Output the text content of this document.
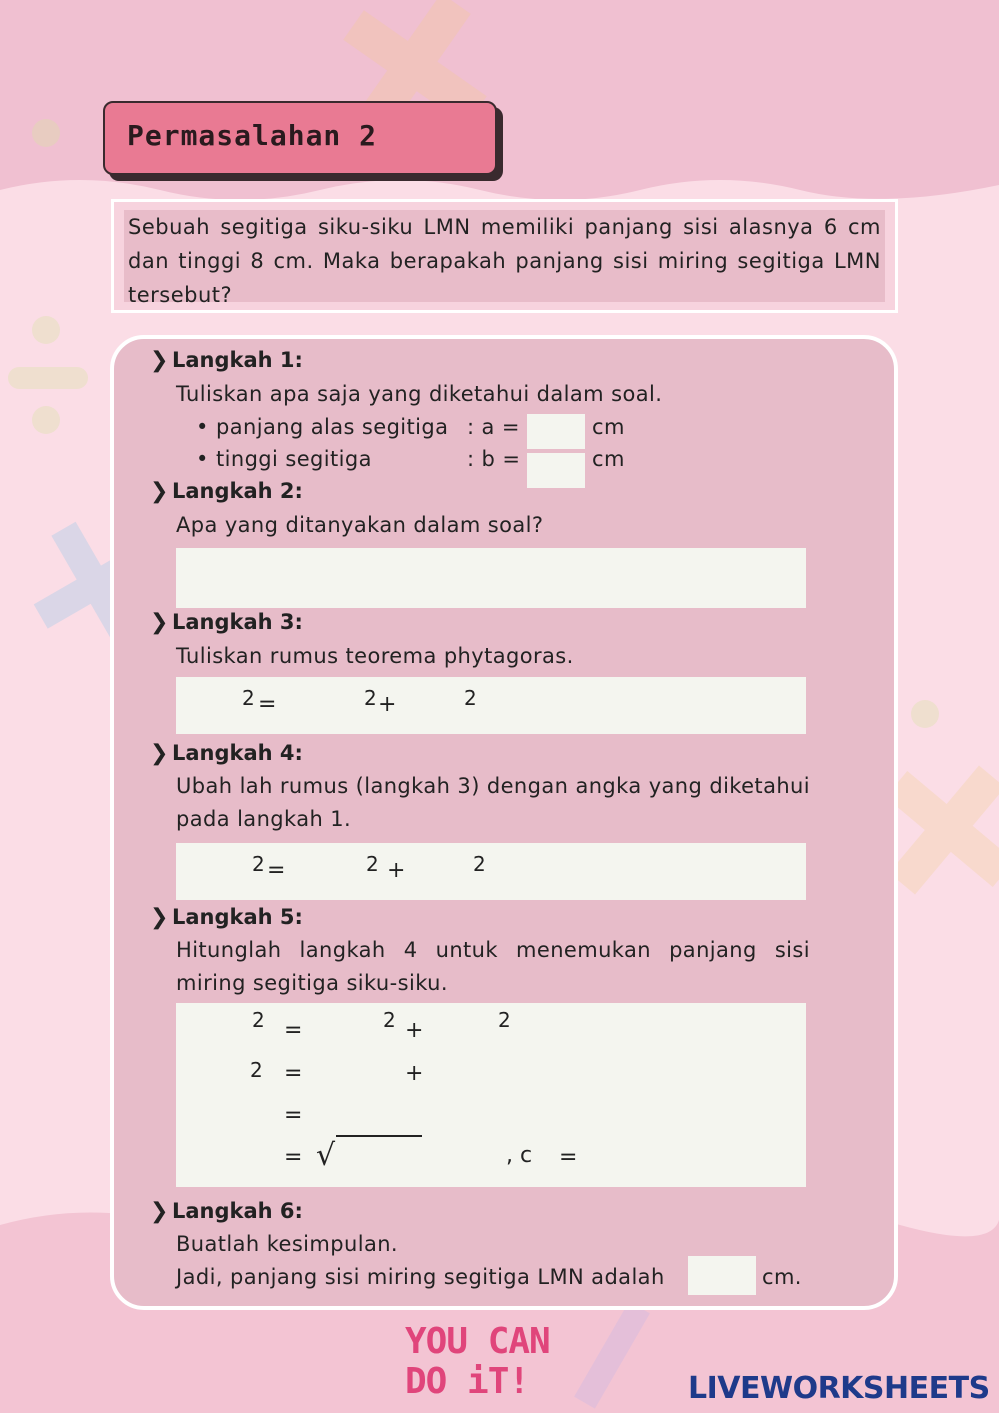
Permasalahan 2
Sebuah segitiga siku-siku LMN memiliki panjang sisi alasnya 6 cm dan tinggi 8 cm. Maka berapakah panjang sisi miring segitiga LMN tersebut?
❯ Langkah 1:
Tuliskan apa saja yang diketahui dalam soal.
• panjang alas segitiga : a =	cm
• tinggi segitiga	: b =	cm
❯ Langkah 2:
Apa yang ditanyakan dalam soal?
❯ Langkah 3:
Tuliskan rumus teorema phytagoras.
2 =	2 +	2
❯ Langkah 4:
Ubah lah rumus (langkah 3) dengan angka yang diketahui pada langkah 1.
2 =	2 +	2
❯ Langkah 5:
Hitunglah langkah 4 untuk menemukan panjang sisi miring segitiga siku-siku.
2 =	2 +	2
2 =	+
=
= √	, c =
❯ Langkah 6:
Buatlah kesimpulan.
Jadi, panjang sisi miring segitiga LMN adalah	cm.
YOU CAN
DO iT!	LIVEWORKSHEETS
